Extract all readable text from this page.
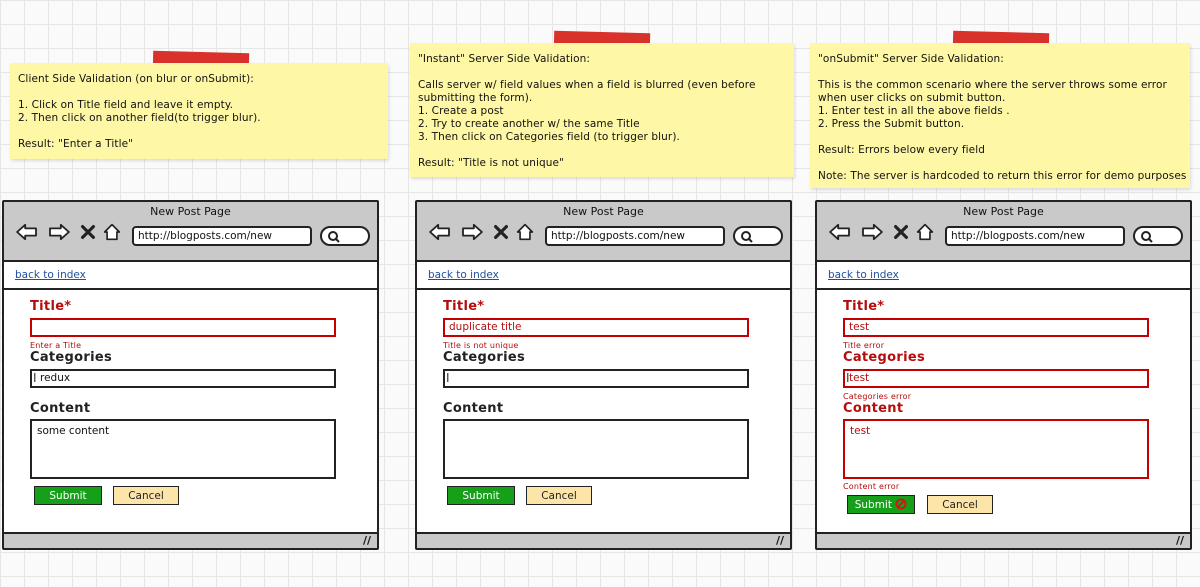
Client Side Validation (on blur or onSubmit):
1. Click on Title field and leave it empty.
2. Then click on another field(to trigger blur).
Result: "Enter a Title"
"Instant" Server Side Validation:
Calls server w/ field values when a field is blurred (even before
submitting the form).
1. Create a post
2. Try to create another w/ the same Title
3. Then click on Categories field (to trigger blur).
Result: "Title is not unique"
"onSubmit" Server Side Validation:
This is the common scenario where the server throws some error
when user clicks on submit button.
1. Enter test in all the above fields .
2. Press the Submit button.
Result: Errors below every field
Note: The server is hardcoded to return this error for demo purposes
New Post Page
http://blogposts.com/new
back to index
Title*
Enter a Title
Categories
redux
I
Content
some content
Submit	Cancel
//
New Post Page
http://blogposts.com/new
back to index
Title*
duplicate title
Title is not unique
Categories
I
Content
Submit	Cancel
//
New Post Page
http://blogposts.com/new
back to index
Title*
test
Title error
Categories
test
I
Categories error
Content
test
Content error
Submit	Cancel
//
